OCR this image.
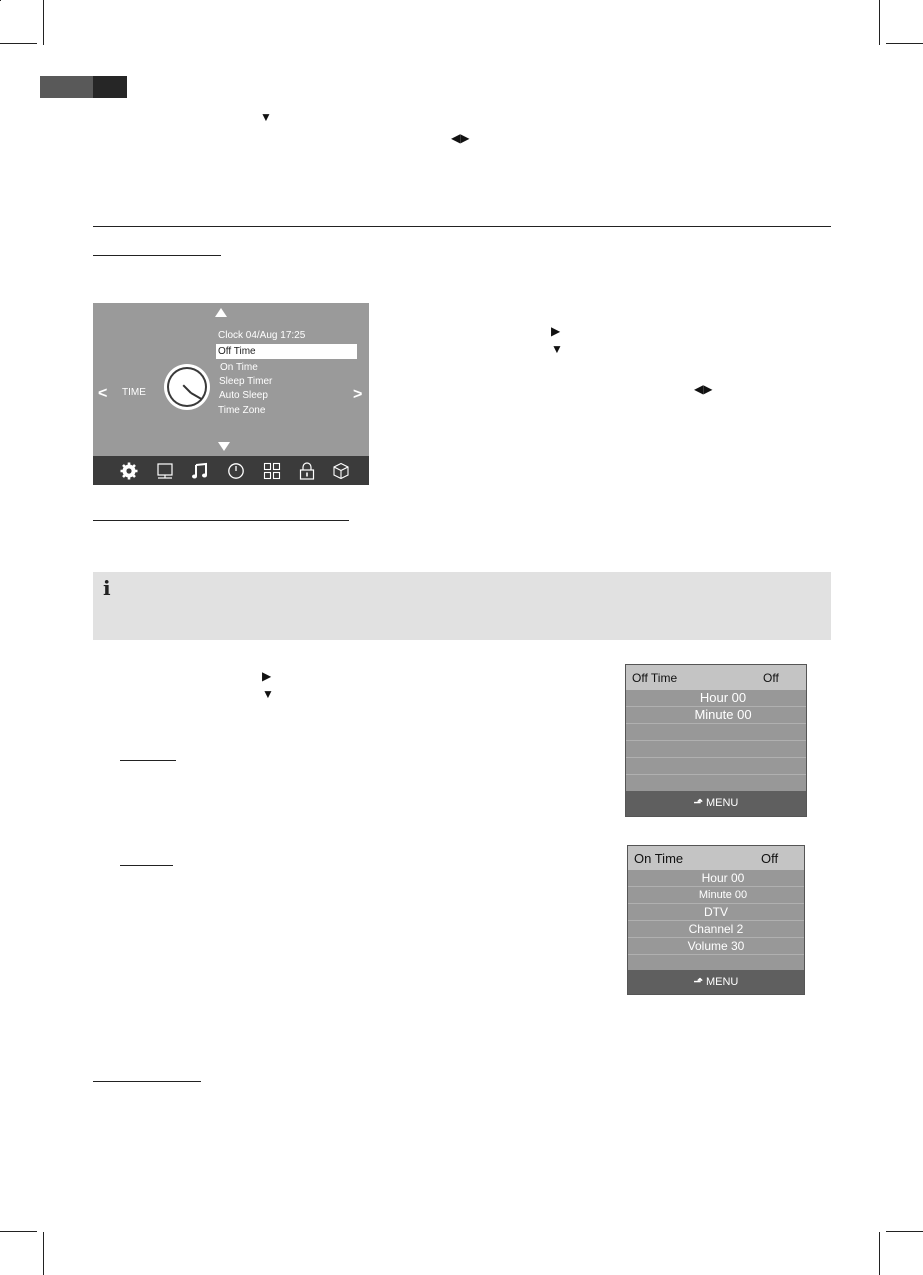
▼
◀▶
< TIME	>
Clock 04/Aug 17:25
Off Time
On Time
Sleep Timer
Auto Sleep
Time Zone
▶
▼
◀▶
i
▶
▼
Off Time	Off
Hour 00
Minute 00
⬏ MENU
On Time	Off
Hour 00
Minute 00
DTV
Channel 2
Volume 30
⬏ MENU
